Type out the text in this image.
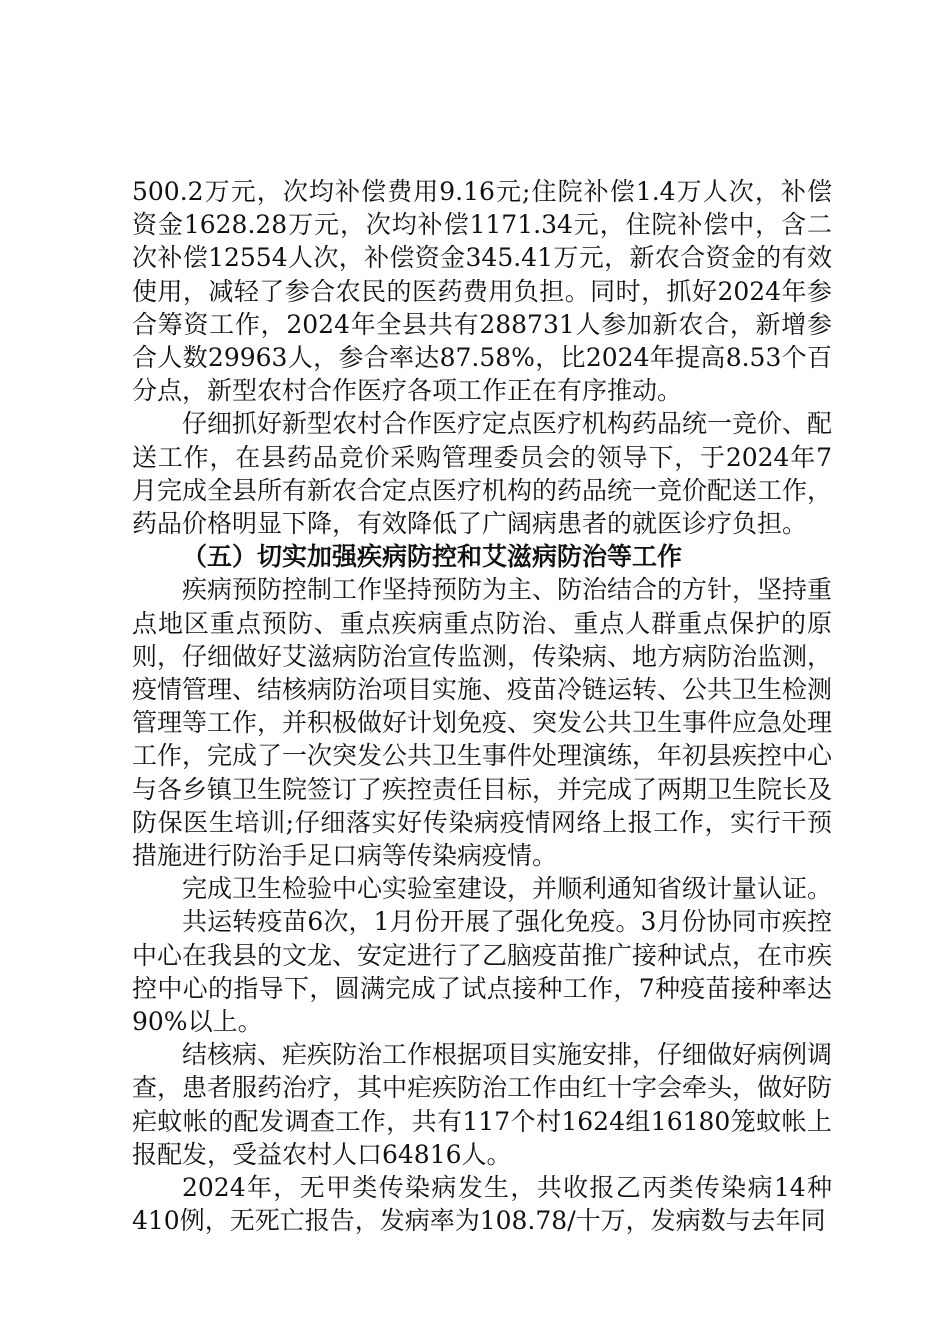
500.2万元，次均补偿费用9.16元;住院补偿1.4万人次，补偿资金1628.28万元，次均补偿1171.34元，住院补偿中，含二次补偿12554人次，补偿资金345.41万元，新农合资金的有效使用，减轻了参合农民的医药费用负担。同时，抓好2024年参合筹资工作，2024年全县共有288731人参加新农合，新增参合人数29963人，参合率达87.58%，比2024年提高8.53个百分点，新型农村合作医疗各项工作正在有序推动。

仔细抓好新型农村合作医疗定点医疗机构药品统一竞价、配送工作，在县药品竞价采购管理委员会的领导下，于2024年7月完成全县所有新农合定点医疗机构的药品统一竞价配送工作，药品价格明显下降，有效降低了广阔病患者的就医诊疗负担。

（五）切实加强疾病防控和艾滋病防治等工作

疾病预防控制工作坚持预防为主、防治结合的方针，坚持重点地区重点预防、重点疾病重点防治、重点人群重点保护的原则，仔细做好艾滋病防治宣传监测，传染病、地方病防治监测，疫情管理、结核病防治项目实施、疫苗冷链运转、公共卫生检测管理等工作，并积极做好计划免疫、突发公共卫生事件应急处理工作，完成了一次突发公共卫生事件处理演练，年初县疾控中心与各乡镇卫生院签订了疾控责任目标，并完成了两期卫生院长及防保医生培训;仔细落实好传染病疫情网络上报工作，实行干预措施进行防治手足口病等传染病疫情。

完成卫生检验中心实验室建设，并顺利通知省级计量认证。

共运转疫苗6次，1月份开展了强化免疫。3月份协同市疾控中心在我县的文龙、安定进行了乙脑疫苗推广接种试点，在市疾控中心的指导下，圆满完成了试点接种工作，7种疫苗接种率达90%以上。

结核病、疟疾防治工作根据项目实施安排，仔细做好病例调查，患者服药治疗，其中疟疾防治工作由红十字会牵头，做好防疟蚊帐的配发调查工作，共有117个村1624组16180笼蚊帐上报配发，受益农村人口64816人。

2024年，无甲类传染病发生，共收报乙丙类传染病14种410例，无死亡报告，发病率为108.78/十万，发病数与去年同
